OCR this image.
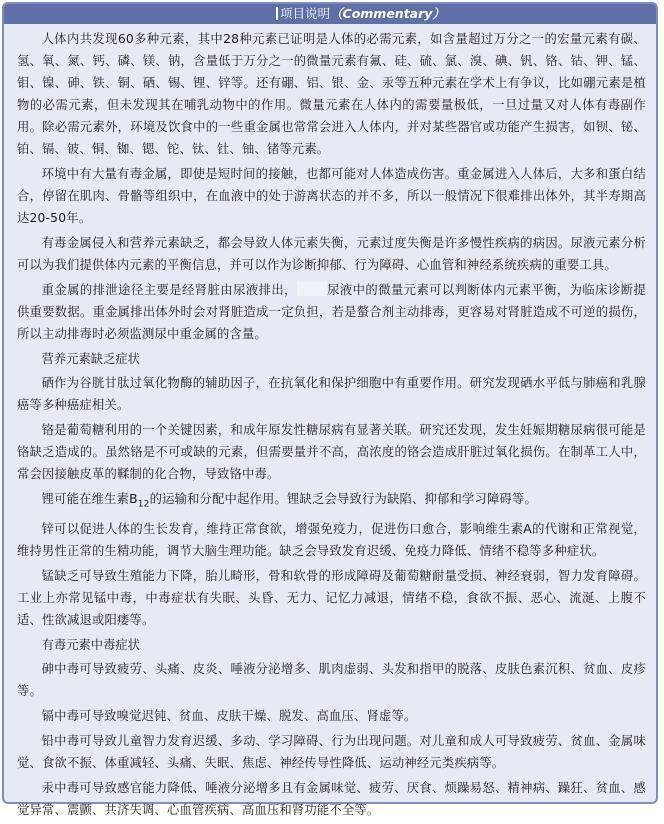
项目说明（Commentary）

人体内共发现60多种元素，其中28种元素已证明是人体的必需元素，如含量超过万分之一的宏量元素有碳、氢、氧、氮、钙、磷、镁、钠，含量低于万分之一的微量元素有氟、硅、硫、氯、溴、碘、钒、铬、钴、钾、锰、钼、镍、砷、铁、铜、硒、锡、锂、锌等。还有硼、铝、银、金、汞等五种元素在学术上有争议，比如硼元素是植物的必需元素，但未发现其在哺乳动物中的作用。微量元素在人体内的需要量极低，一旦过量又对人体有毒副作用。除必需元素外，环境及饮食中的一些重金属也常常会进入人体内，并对某些器官或功能产生损害，如钡、铋、铂、镉、铍、铜、铷、锶、铊、钛、钍、铀、锗等元素。

环境中有大量有毒金属，即使是短时间的接触，也都可能对人体造成伤害。重金属进入人体后，大多和蛋白结合，停留在肌肉、骨骼等组织中，在血液中的处于游离状态的并不多，所以一般情况下很难排出体外，其半寿期高达20-50年。

有毒金属侵入和营养元素缺乏，都会导致人体元素失衡，元素过度失衡是许多慢性疾病的病因。尿液元素分析可以为我们提供体内元素的平衡信息，并可以作为诊断抑郁、行为障碍、心血管和神经系统疾病的重要工具。

重金属的排泄途径主要是经肾脏由尿液排出， 尿液中的微量元素可以判断体内元素平衡，为临床诊断提供重要数据。重金属排出体外时会对肾脏造成一定负担，若是螯合剂主动排毒，更容易对肾脏造成不可逆的损伤，所以主动排毒时必须监测尿中重金属的含量。

营养元素缺乏症状

硒作为谷胱甘肽过氧化物酶的辅助因子，在抗氧化和保护细胞中有重要作用。研究发现硒水平低与肺癌和乳腺癌等多种癌症相关。

铬是葡萄糖利用的一个关键因素，和成年原发性糖尿病有显著关联。研究还发现，发生妊娠期糖尿病很可能是铬缺乏造成的。虽然铬是不可或缺的元素，但需要量并不高，高浓度的铬会造成肝脏过氧化损伤。在制革工人中，常会因接触皮革的鞣制的化合物，导致铬中毒。

锂可能在维生素$B_{12}$的运输和分配中起作用。锂缺乏会导致行为缺陷、抑郁和学习障碍等。

锌可以促进人体的生长发育，维持正常食欲，增强免疫力，促进伤口愈合，影响维生素A的代谢和正常视觉，维持男性正常的生精功能，调节大脑生理功能。缺乏会导致发育迟缓、免疫力降低、情绪不稳等多种症状。

锰缺乏可导致生殖能力下降，胎儿畸形，骨和软骨的形成障碍及葡萄糖耐量受损、神经衰弱，智力发育障碍。工业上亦常见锰中毒，中毒症状有失眠、头昏、无力、记忆力减退，情绪不稳，食欲不振、恶心、流涎、上腹不适、性欲减退或阳痿等。

有毒元素中毒症状

砷中毒可导致疲劳、头痛、皮炎、唾液分泌增多、肌肉虚弱、头发和指甲的脱落、皮肤色素沉积、贫血、皮疹等。

镉中毒可导致嗅觉迟钝、贫血、皮肤干燥、脱发、高血压、肾虚等。

铅中毒可导致儿童智力发育迟缓、多动、学习障碍、行为出现问题。对儿童和成人可导致疲劳、贫血、金属味觉、食欲不振、体重减轻、头痛、失眠、焦虑、神经传导性降低、运动神经元类疾病等。

汞中毒可导致感官能力降低、唾液分泌增多且有金属味觉、疲劳、厌食、烦躁易怒、精神病、躁狂、贫血、感觉异常、震颤、共济失调、心血管疾病、高血压和肾功能不全等。
